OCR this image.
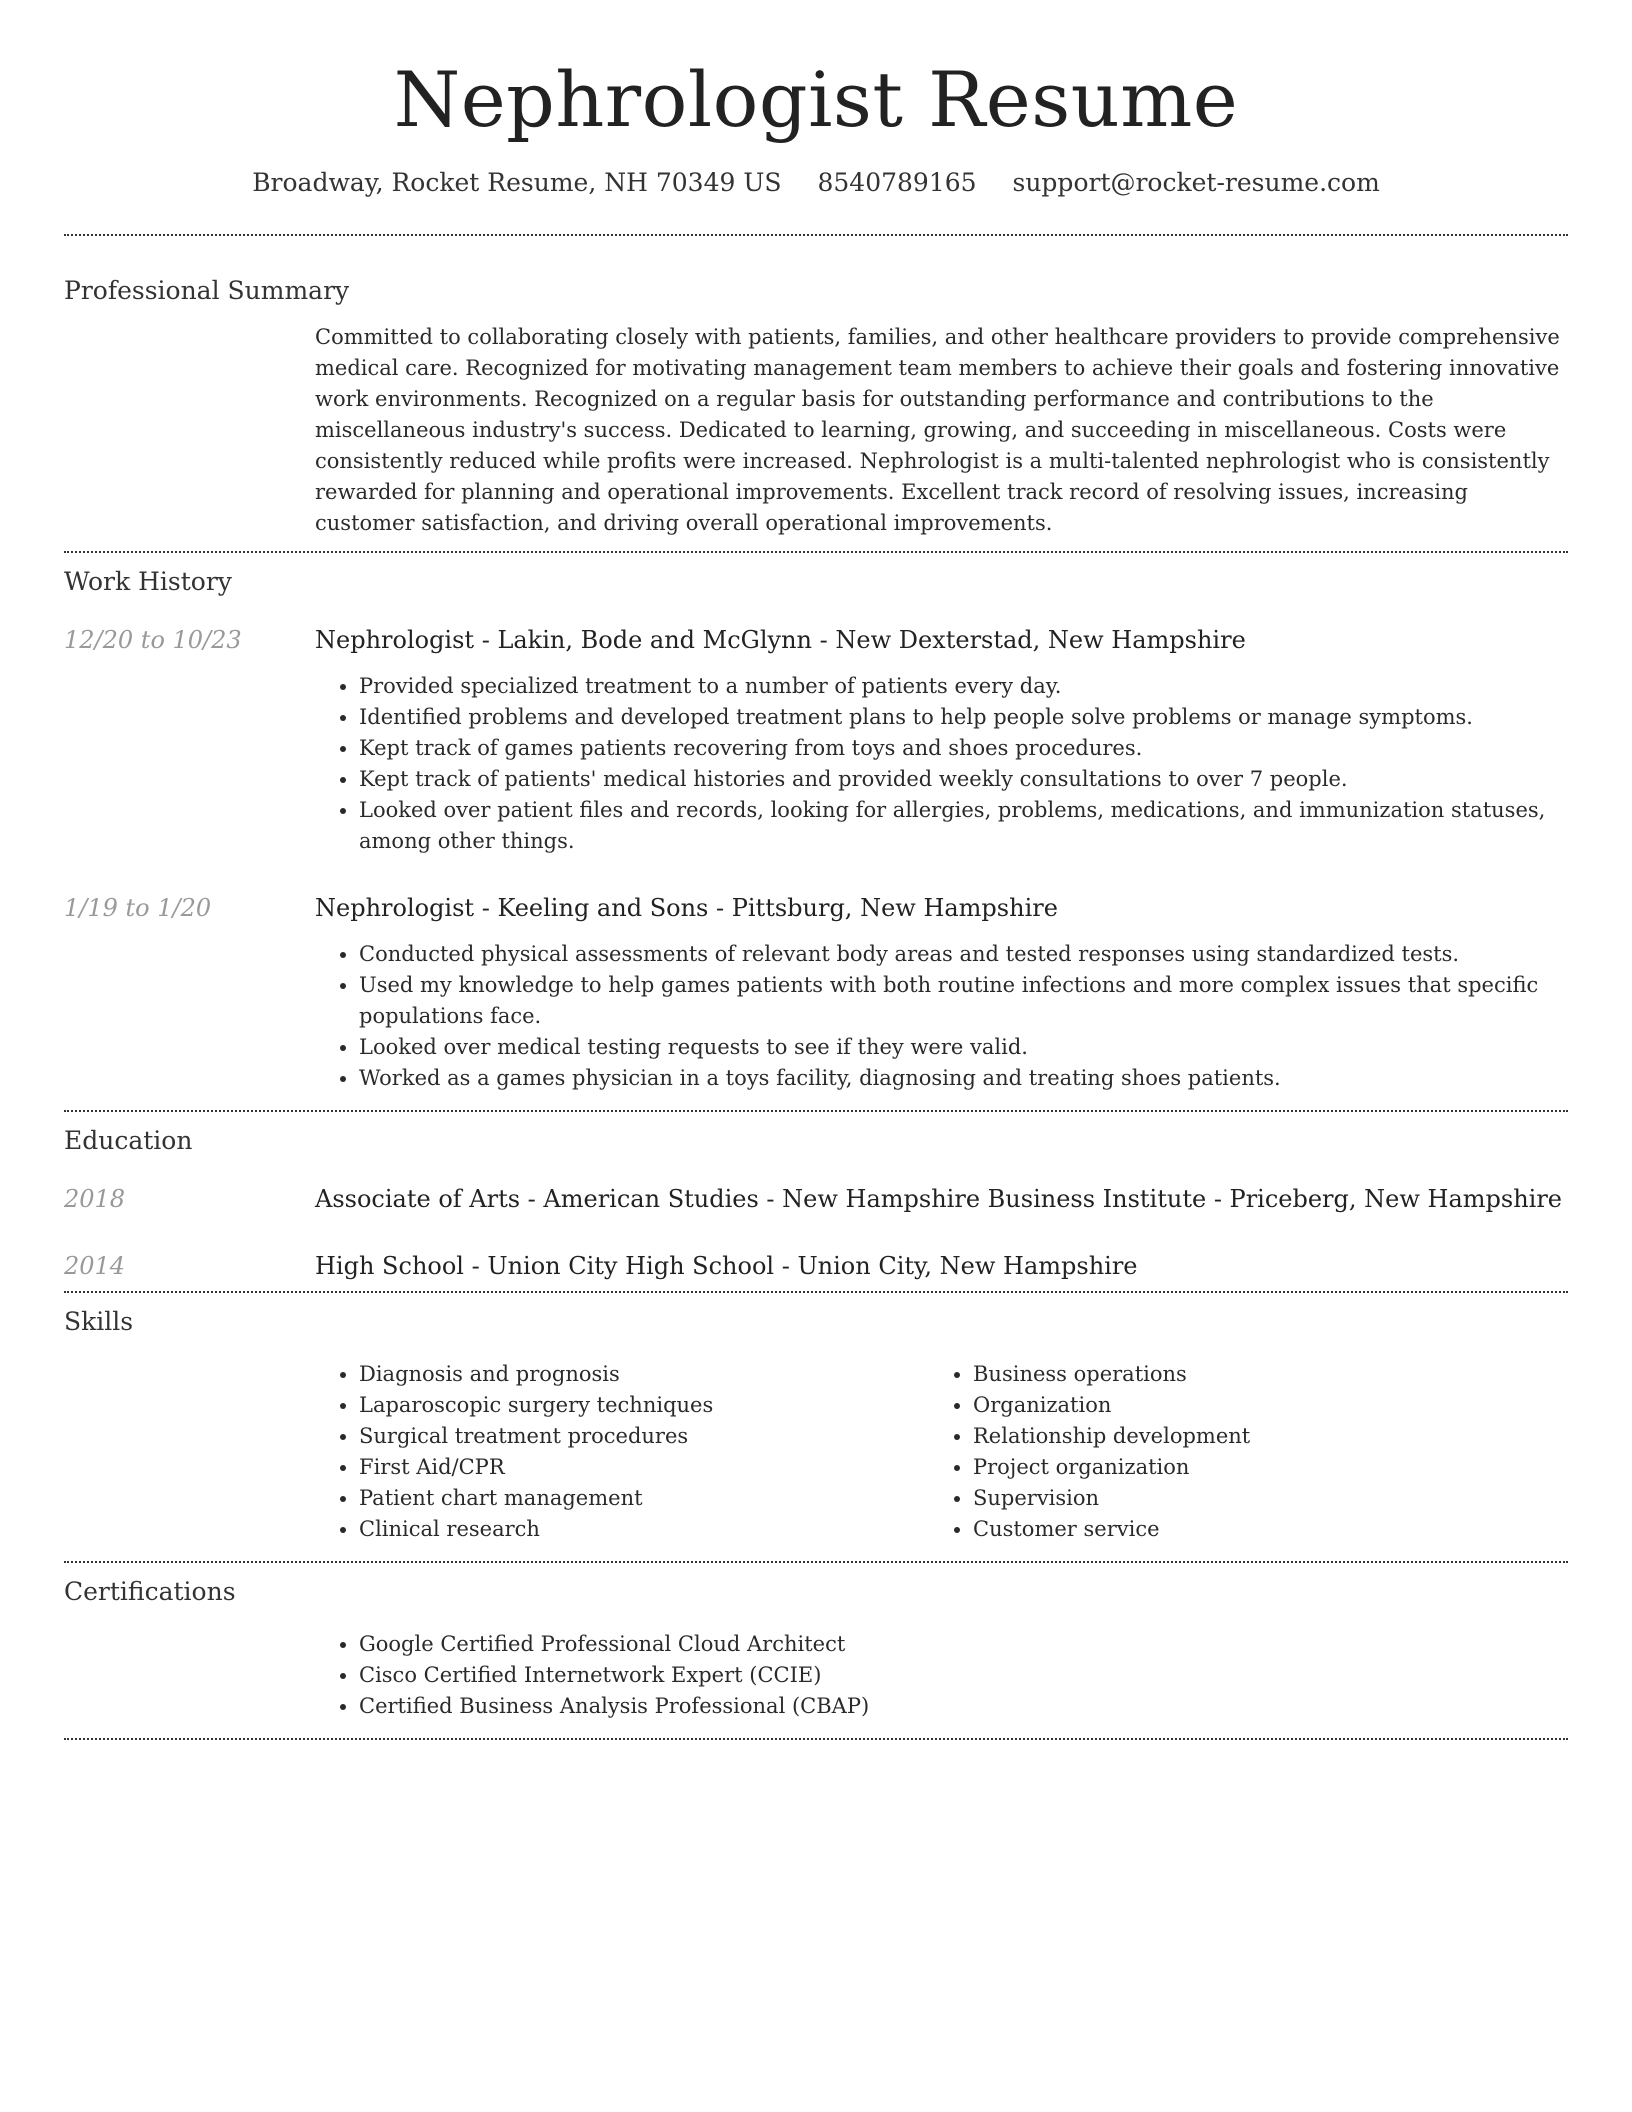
Nephrologist Resume
Broadway, Rocket Resume, NH 70349 US 8540789165 support@rocket-resume.com
Professional Summary
Committed to collaborating closely with patients, families, and other healthcare providers to provide comprehensive medical care. Recognized for motivating management team members to achieve their goals and fostering innovative work environments. Recognized on a regular basis for outstanding performance and contributions to the miscellaneous industry's success. Dedicated to learning, growing, and succeeding in miscellaneous. Costs were consistently reduced while profits were increased. Nephrologist is a multi-talented nephrologist who is consistently rewarded for planning and operational improvements. Excellent track record of resolving issues, increasing customer satisfaction, and driving overall operational improvements.
Work History
12/20 to 10/23	Nephrologist - Lakin, Bode and McGlynn - New Dexterstad, New Hampshire
• Provided specialized treatment to a number of patients every day.
• Identified problems and developed treatment plans to help people solve problems or manage symptoms.
• Kept track of games patients recovering from toys and shoes procedures.
• Kept track of patients' medical histories and provided weekly consultations to over 7 people.
• Looked over patient files and records, looking for allergies, problems, medications, and immunization statuses, among other things.
1/19 to 1/20	Nephrologist - Keeling and Sons - Pittsburg, New Hampshire
• Conducted physical assessments of relevant body areas and tested responses using standardized tests.
• Used my knowledge to help games patients with both routine infections and more complex issues that specific populations face.
• Looked over medical testing requests to see if they were valid.
• Worked as a games physician in a toys facility, diagnosing and treating shoes patients.
Education
2018	Associate of Arts - American Studies - New Hampshire Business Institute - Priceberg, New Hampshire
2014	High School - Union City High School - Union City, New Hampshire
Skills
• Diagnosis and prognosis
• Laparoscopic surgery techniques
• Surgical treatment procedures
• First Aid/CPR
• Patient chart management
• Clinical research
• Business operations
• Organization
• Relationship development
• Project organization
• Supervision
• Customer service
Certifications
• Google Certified Professional Cloud Architect
• Cisco Certified Internetwork Expert (CCIE)
• Certified Business Analysis Professional (CBAP)
